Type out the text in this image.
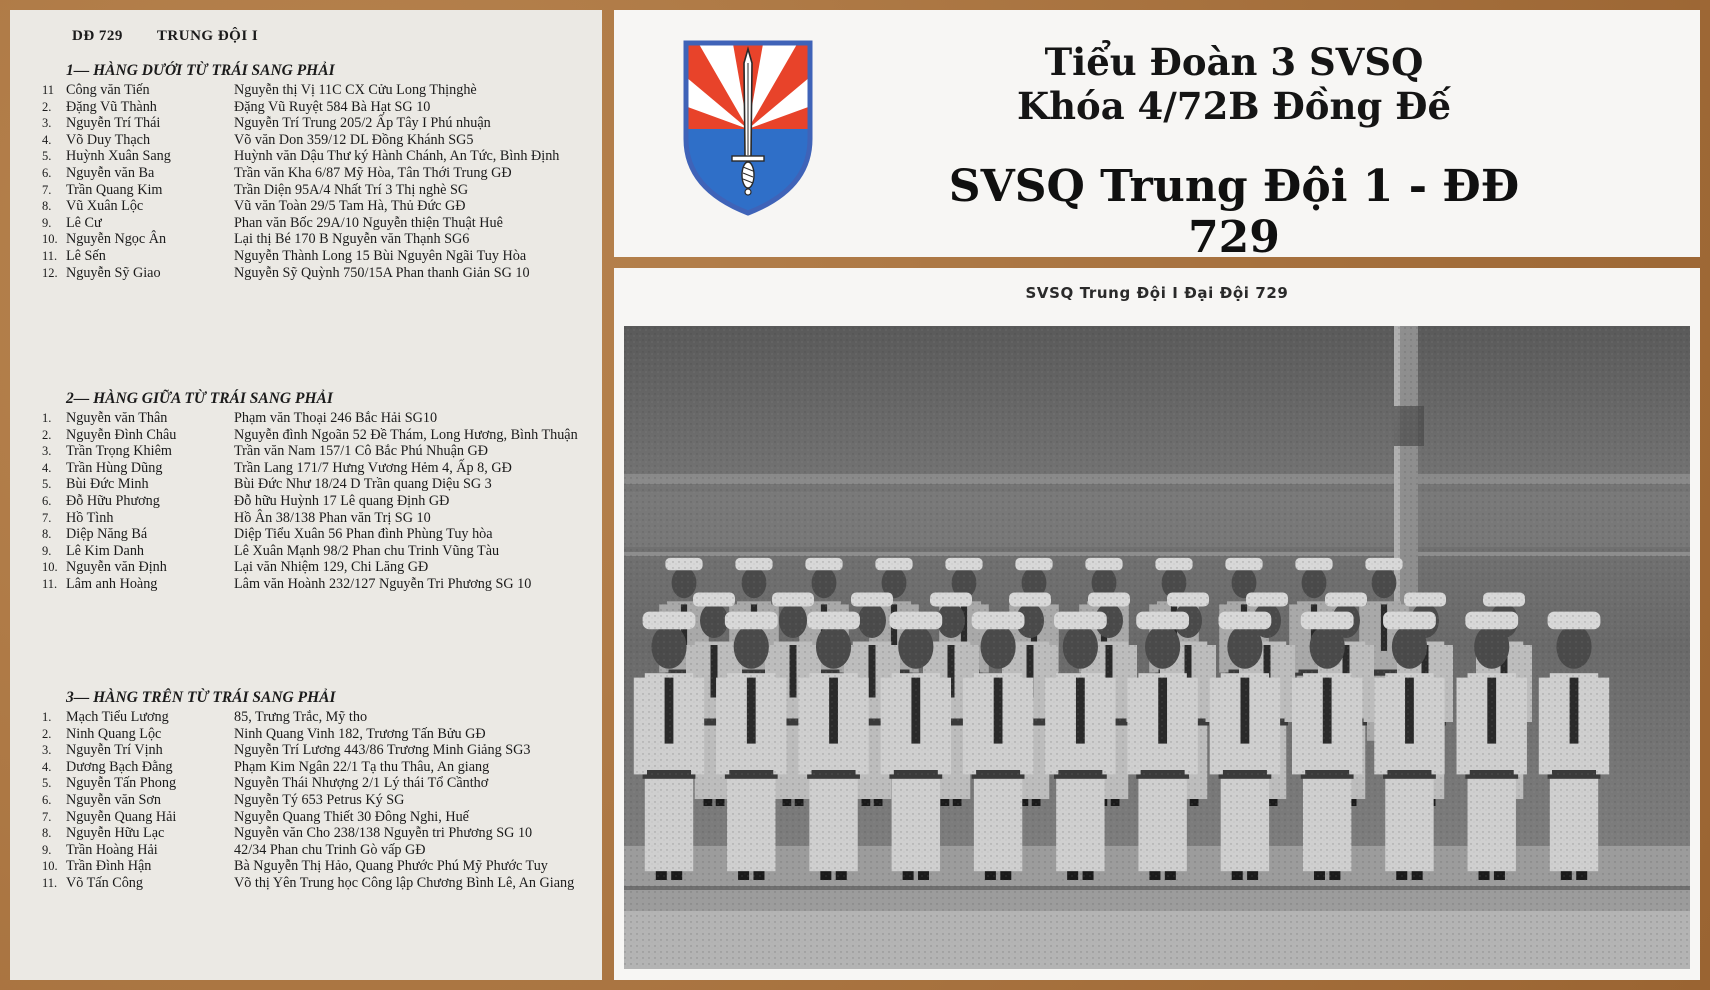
DĐ 729 TRUNG ĐỘI I
1— HÀNG DƯỚI TỪ TRÁI SANG PHẢI
11 Công văn Tiến	Nguyễn thị Vị 11C CX Cửu Long Thịnghè
2.	Đặng Vũ Thành	Đặng Vũ Ruyệt 584 Bà Hạt SG 10
3.	Nguyễn Trí Thái	Nguyễn Trí Trung 205/2 Ấp Tây I Phú nhuận
4.	Võ Duy Thạch	Võ văn Don 359/12 DL Đồng Khánh SG5
5.	Huỳnh Xuân Sang	Huỳnh văn Dậu Thư ký Hành Chánh, An Tức, Bình Định
6.	Nguyễn văn Ba	Trần văn Kha 6/87 Mỹ Hòa, Tân Thới Trung GĐ
7.	Trần Quang Kim	Trần Diện 95A/4 Nhất Trí 3 Thị nghè SG
8.	Vũ Xuân Lộc	Vũ văn Toàn 29/5 Tam Hà, Thủ Đức GĐ
9.	Lê Cư	Phan văn Bốc 29A/10 Nguyễn thiện Thuật Huê
10. Nguyễn Ngọc Ân	Lại thị Bé 170 B Nguyễn văn Thạnh SG6
11. Lê Sến	Nguyễn Thành Long 15 Bùi Nguyên Ngãi Tuy Hòa
12. Nguyễn Sỹ Giao	Nguyễn Sỹ Quỳnh 750/15A Phan thanh Giản SG 10
2— HÀNG GIỮA TỪ TRÁI SANG PHẢI
1.	Nguyễn văn Thân	Phạm văn Thoại 246 Bắc Hải SG10
2.	Nguyễn Đình Châu	Nguyễn đình Ngoãn 52 Đề Thám, Long Hương, Bình Thuận
3.	Trần Trọng Khiêm	Trần văn Nam 157/1 Cô Bắc Phú Nhuận GĐ
4.	Trần Hùng Dũng	Trần Lang 171/7 Hưng Vương Hẻm 4, Ấp 8, GĐ
5.	Bùi Đức Minh	Bùi Đức Như 18/24 D Trần quang Diệu SG 3
6.	Đỗ Hữu Phương	Đỗ hữu Huỳnh 17 Lê quang Định GĐ
7.	Hồ Tình	Hồ Ân 38/138 Phan văn Trị SG 10
8.	Diệp Năng Bá	Diệp Tiểu Xuân 56 Phan đình Phùng Tuy hòa
9.	Lê Kim Danh	Lê Xuân Mạnh 98/2 Phan chu Trinh Vũng Tàu
10. Nguyễn văn Định	Lại văn Nhiệm 129, Chi Lăng GĐ
11. Lâm anh Hoàng	Lâm văn Hoành 232/127 Nguyễn Tri Phương SG 10
3— HÀNG TRÊN TỪ TRÁI SANG PHẢI
1.	Mạch Tiểu Lương	85, Trưng Trắc, Mỹ tho
2.	Ninh Quang Lộc	Ninh Quang Vinh 182, Trương Tấn Bửu GĐ
3.	Nguyễn Trí Vịnh	Nguyễn Trí Lương 443/86 Trương Minh Giảng SG3
4.	Dương Bạch Đằng	Phạm Kim Ngân 22/1 Tạ thu Thâu, An giang
5.	Nguyễn Tấn Phong	Nguyễn Thái Nhượng 2/1 Lý thái Tổ Cầnthơ
6.	Nguyễn văn Sơn	Nguyễn Tý 653 Petrus Ký SG
7.	Nguyễn Quang Hải	Nguyễn Quang Thiết 30 Đông Nghi, Huế
8.	Nguyễn Hữu Lạc	Nguyễn văn Cho 238/138 Nguyễn tri Phương SG 10
9.	Trần Hoàng Hải	42/34 Phan chu Trinh Gò vấp GĐ
10. Trần Đình Hận	Bà Nguyễn Thị Hảo, Quang Phước Phú Mỹ Phước Tuy
11. Võ Tấn Công	Võ thị Yên Trung học Công lập Chương Bình Lê, An Giang
Tiểu Đoàn 3 SVSQ
Khóa 4/72B Đồng Đế
SVSQ Trung Đội 1 - ĐĐ 729
SVSQ Trung Đội I Đại Đội 729
